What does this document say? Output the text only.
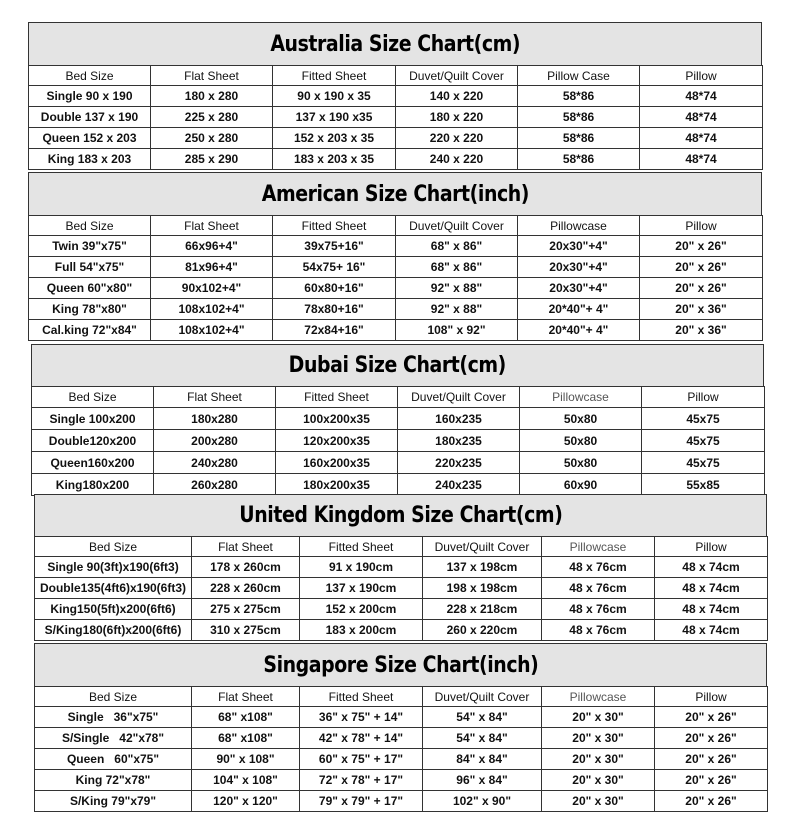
Australia Size Chart(cm)
Bed Size	Flat Sheet	Fitted Sheet	Duvet/Quilt Cover	Pillow Case	Pillow
Single 90 x 190	180 x 280	90 x 190 x 35	140 x 220	58*86	48*74
Double 137 x 190	225 x 280	137 x 190 x35	180 x 220	58*86	48*74
Queen 152 x 203	250 x 280	152 x 203 x 35	220 x 220	58*86	48*74
King 183 x 203	285 x 290	183 x 203 x 35	240 x 220	58*86	48*74
American Size Chart(inch)
Bed Size	Flat Sheet	Fitted Sheet	Duvet/Quilt Cover	Pillowcase	Pillow
Twin 39"x75"	66x96+4"	39x75+16"	68" x 86"	20x30"+4"	20" x 26"
Full 54"x75"	81x96+4"	54x75+ 16"	68" x 86"	20x30"+4"	20" x 26"
Queen 60"x80"	90x102+4"	60x80+16"	92" x 88"	20x30"+4"	20" x 26"
King 78"x80"	108x102+4"	78x80+16"	92" x 88"	20*40"+ 4"	20" x 36"
Cal.king 72"x84"	108x102+4"	72x84+16"	108" x 92"	20*40"+ 4"	20" x 36"
Dubai Size Chart(cm)
Bed Size	Flat Sheet	Fitted Sheet	Duvet/Quilt Cover	Pillowcase	Pillow
Single 100x200	180x280	100x200x35	160x235	50x80	45x75
Double120x200	200x280	120x200x35	180x235	50x80	45x75
Queen160x200	240x280	160x200x35	220x235	50x80	45x75
King180x200	260x280	180x200x35	240x235	60x90	55x85
United Kingdom Size Chart(cm)
Bed Size	Flat Sheet	Fitted Sheet	Duvet/Quilt Cover	Pillowcase	Pillow
Single 90(3ft)x190(6ft3)	178 x 260cm	91 x 190cm	137 x 198cm	48 x 76cm	48 x 74cm
Double135(4ft6)x190(6ft3)	228 x 260cm	137 x 190cm	198 x 198cm	48 x 76cm	48 x 74cm
King150(5ft)x200(6ft6)	275 x 275cm	152 x 200cm	228 x 218cm	48 x 76cm	48 x 74cm
S/King180(6ft)x200(6ft6)	310 x 275cm	183 x 200cm	260 x 220cm	48 x 76cm	48 x 74cm
Singapore Size Chart(inch)
Bed Size	Flat Sheet	Fitted Sheet	Duvet/Quilt Cover	Pillowcase	Pillow
Single   36"x75"	68" x108"	36" x 75" + 14"	54" x 84"	20" x 30"	20" x 26"
S/Single   42"x78"	68" x108"	42" x 78" + 14"	54" x 84"	20" x 30"	20" x 26"
Queen   60"x75"	90" x 108"	60" x 75" + 17"	84" x 84"	20" x 30"	20" x 26"
King 72"x78"	104" x 108"	72" x 78" + 17"	96" x 84"	20" x 30"	20" x 26"
S/King 79"x79"	120" x 120"	79" x 79" + 17"	102" x 90"	20" x 30"	20" x 26"
